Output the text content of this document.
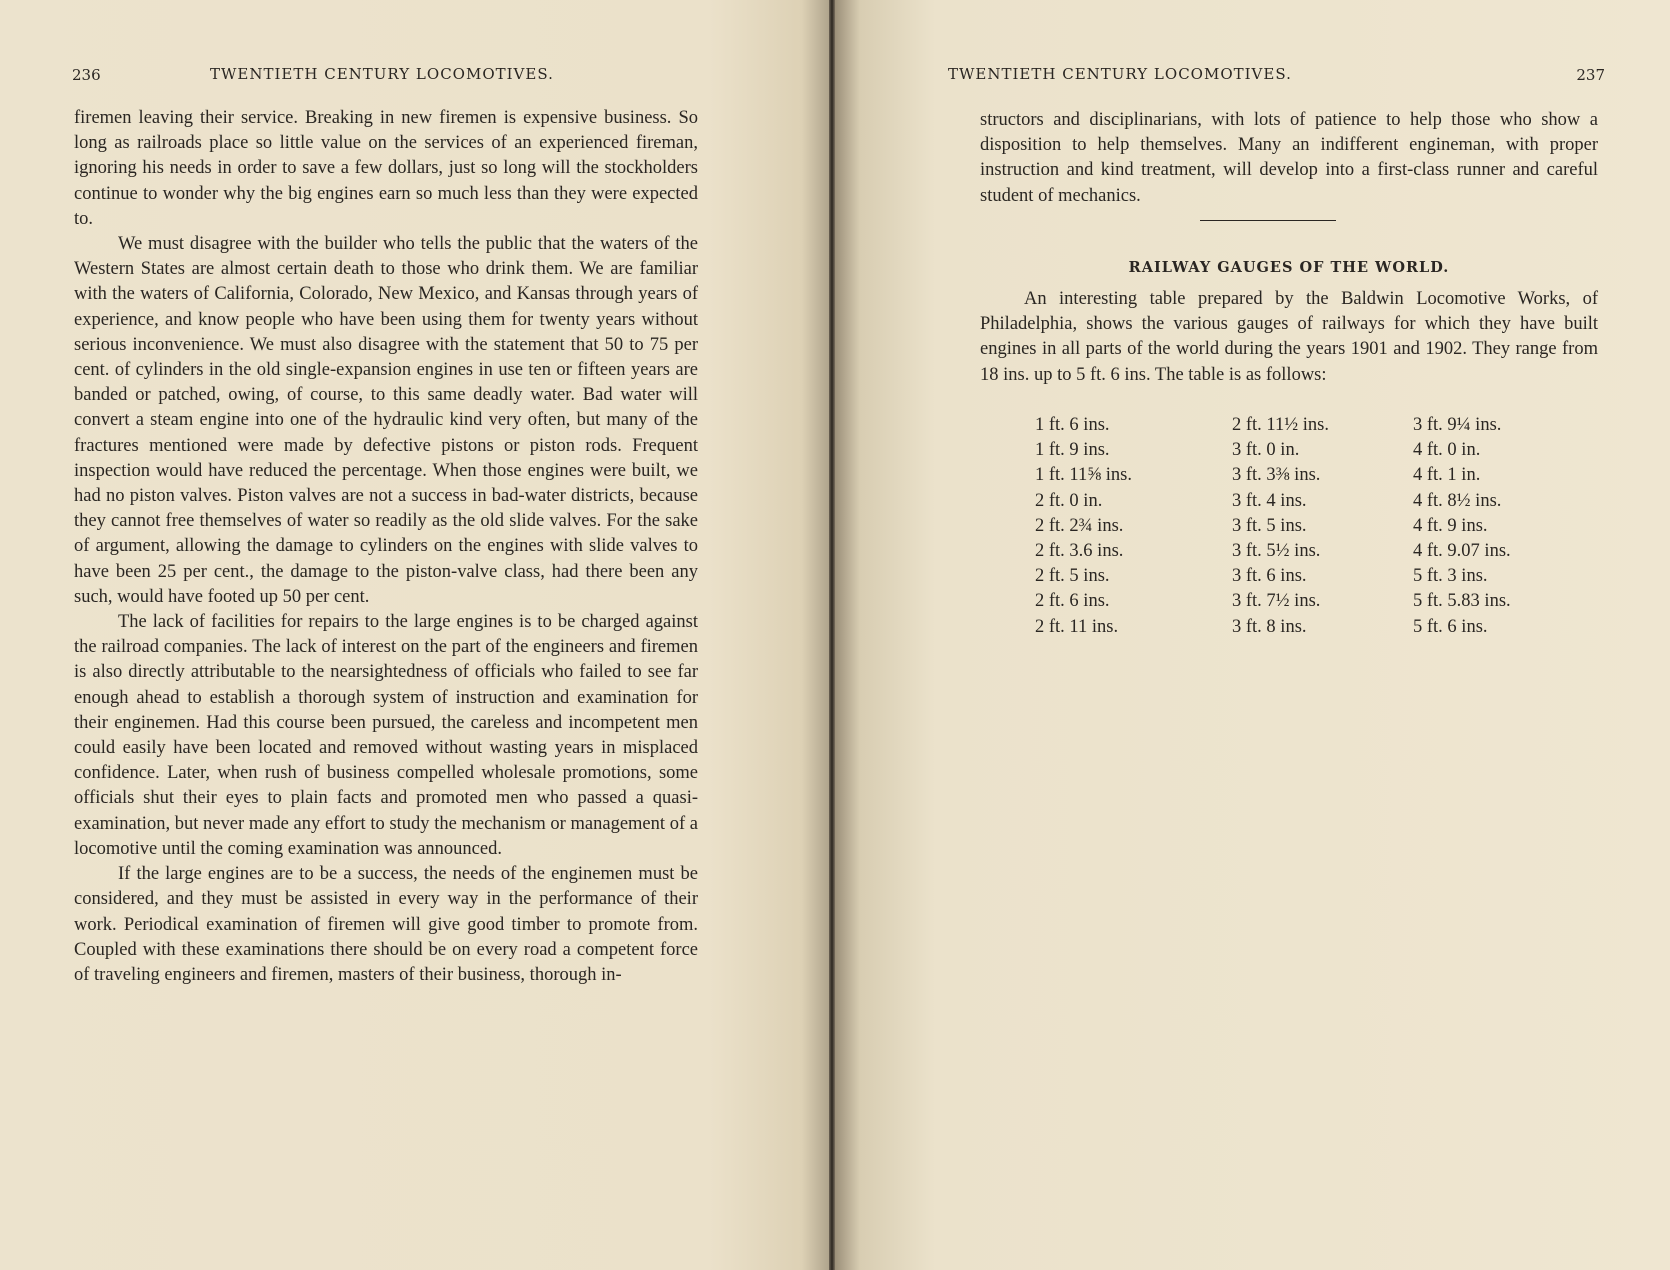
236	TWENTIETH CENTURY LOCOMOTIVES.

firemen leaving their service. Breaking in new firemen is expensive business. So long as railroads place so little value on the services of an experienced fireman, ignoring his needs in order to save a few dollars, just so long will the stockholders continue to wonder why the big engines earn so much less than they were expected to.

We must disagree with the builder who tells the public that the waters of the Western States are almost certain death to those who drink them. We are familiar with the waters of California, Colorado, New Mexico, and Kansas through years of experience, and know people who have been using them for twenty years without serious inconvenience. We must also disagree with the statement that 50 to 75 per cent. of cylinders in the old single-expansion engines in use ten or fifteen years are banded or patched, owing, of course, to this same deadly water. Bad water will convert a steam engine into one of the hydraulic kind very often, but many of the fractures mentioned were made by defective pistons or piston rods. Frequent inspection would have reduced the percentage. When those engines were built, we had no piston valves. Piston valves are not a success in bad-water districts, because they cannot free themselves of water so readily as the old slide valves. For the sake of argument, allowing the damage to cylinders on the engines with slide valves to have been 25 per cent., the damage to the piston-valve class, had there been any such, would have footed up 50 per cent.

The lack of facilities for repairs to the large engines is to be charged against the railroad companies. The lack of interest on the part of the engineers and firemen is also directly attributable to the nearsightedness of officials who failed to see far enough ahead to establish a thorough system of instruction and examination for their enginemen. Had this course been pursued, the careless and incompetent men could easily have been located and removed without wasting years in misplaced confidence. Later, when rush of business compelled wholesale promotions, some officials shut their eyes to plain facts and promoted men who passed a quasi-examination, but never made any effort to study the mechanism or management of a locomotive until the coming examination was announced.

If the large engines are to be a success, the needs of the enginemen must be considered, and they must be assisted in every way in the performance of their work. Periodical examination of firemen will give good timber to promote from. Coupled with these examinations there should be on every road a competent force of traveling engineers and firemen, masters of their business, thorough in-

TWENTIETH CENTURY LOCOMOTIVES.	237

structors and disciplinarians, with lots of patience to help those who show a disposition to help themselves. Many an indifferent engineman, with proper instruction and kind treatment, will develop into a first-class runner and careful student of mechanics.

RAILWAY GAUGES OF THE WORLD.

An interesting table prepared by the Baldwin Locomotive Works, of Philadelphia, shows the various gauges of railways for which they have built engines in all parts of the world during the years 1901 and 1902. They range from 18 ins. up to 5 ft. 6 ins. The table is as follows:

1 ft. 6 ins.
1 ft. 9 ins.
1 ft. 11⅝ ins.
2 ft. 0 in.
2 ft. 2¾ ins.
2 ft. 3.6 ins.
2 ft. 5 ins.
2 ft. 6 ins.
2 ft. 11 ins.
2 ft. 11½ ins.
3 ft. 0 in.
3 ft. 3⅜ ins.
3 ft. 4 ins.
3 ft. 5 ins.
3 ft. 5½ ins.
3 ft. 6 ins.
3 ft. 7½ ins.
3 ft. 8 ins.
3 ft. 9¼ ins.
4 ft. 0 in.
4 ft. 1 in.
4 ft. 8½ ins.
4 ft. 9 ins.
4 ft. 9.07 ins.
5 ft. 3 ins.
5 ft. 5.83 ins.
5 ft. 6 ins.
